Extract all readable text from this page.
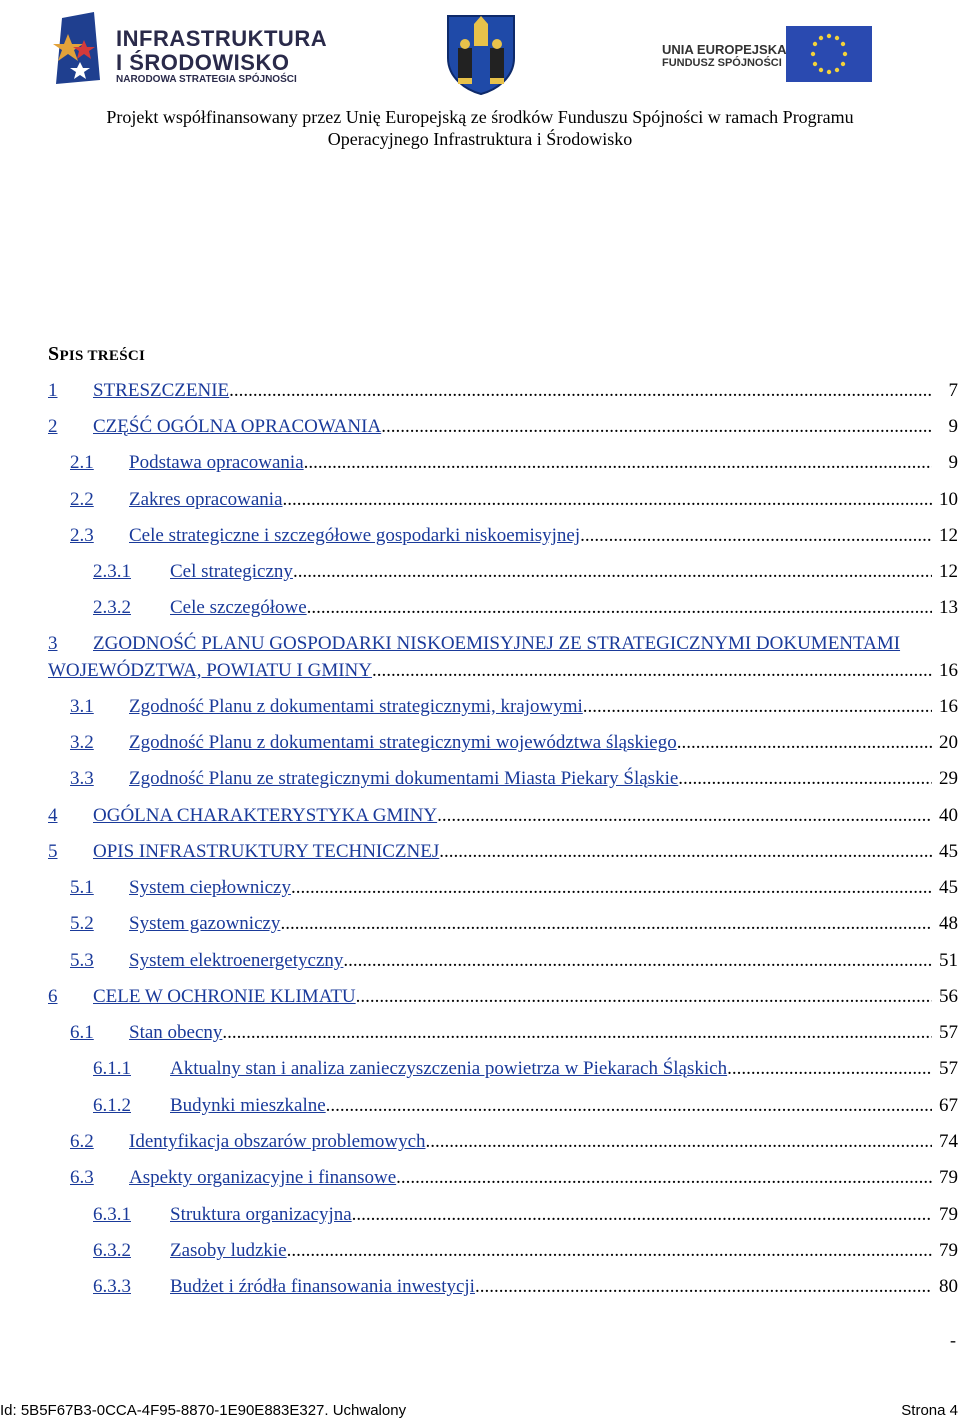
INFRASTRUKTURA
I ŚRODOWISKO
NARODOWA STRATEGIA SPÓJNOŚCI
UNIA EUROPEJSKA
FUNDUSZ SPÓJNOŚCI
Projekt współfinansowany przez Unię Europejską ze środków Funduszu Spójności w ramach Programu
Operacyjnego Infrastruktura i Środowisko
SPIS TREŚCI
1 STRESZCZENIE .....	7
2 CZĘŚĆ OGÓLNA OPRACOWANIA .....	9
2.1 Podstawa opracowania .....	9
2.2 Zakres opracowania .....	10
2.3 Cele strategiczne i szczegółowe gospodarki niskoemisyjnej .....	12
2.3.1 Cel strategiczny .....	12
2.3.2 Cele szczegółowe .....	13
3 ZGODNOŚĆ PLANU GOSPODARKI NISKOEMISYJNEJ ZE STRATEGICZNYMI DOKUMENTAMI
WOJEWÓDZTWA, POWIATU I GMINY .....	16
3.1 Zgodność Planu z dokumentami strategicznymi, krajowymi .....	16
3.2 Zgodność Planu z dokumentami strategicznymi województwa śląskiego .....	20
3.3 Zgodność Planu ze strategicznymi dokumentami Miasta Piekary Śląskie .....	29
4 OGÓLNA CHARAKTERYSTYKA GMINY .....	40
5 OPIS INFRASTRUKTURY TECHNICZNEJ .....	45
5.1 System ciepłowniczy .....	45
5.2 System gazowniczy .....	48
5.3 System elektroenergetyczny .....	51
6 CELE W OCHRONIE KLIMATU .....	56
6.1 Stan obecny .....	57
6.1.1 Aktualny stan i analiza zanieczyszczenia powietrza w Piekarach Śląskich .....	57
6.1.2 Budynki mieszkalne .....	67
6.2 Identyfikacja obszarów problemowych .....	74
6.3 Aspekty organizacyjne i finansowe .....	79
6.3.1 Struktura organizacyjna .....	79
6.3.2 Zasoby ludzkie .....	79
6.3.3 Budżet i źródła finansowania inwestycji .....	80
-
Id: 5B5F67B3-0CCA-4F95-8870-1E90E883E327. Uchwalony	Strona 4
